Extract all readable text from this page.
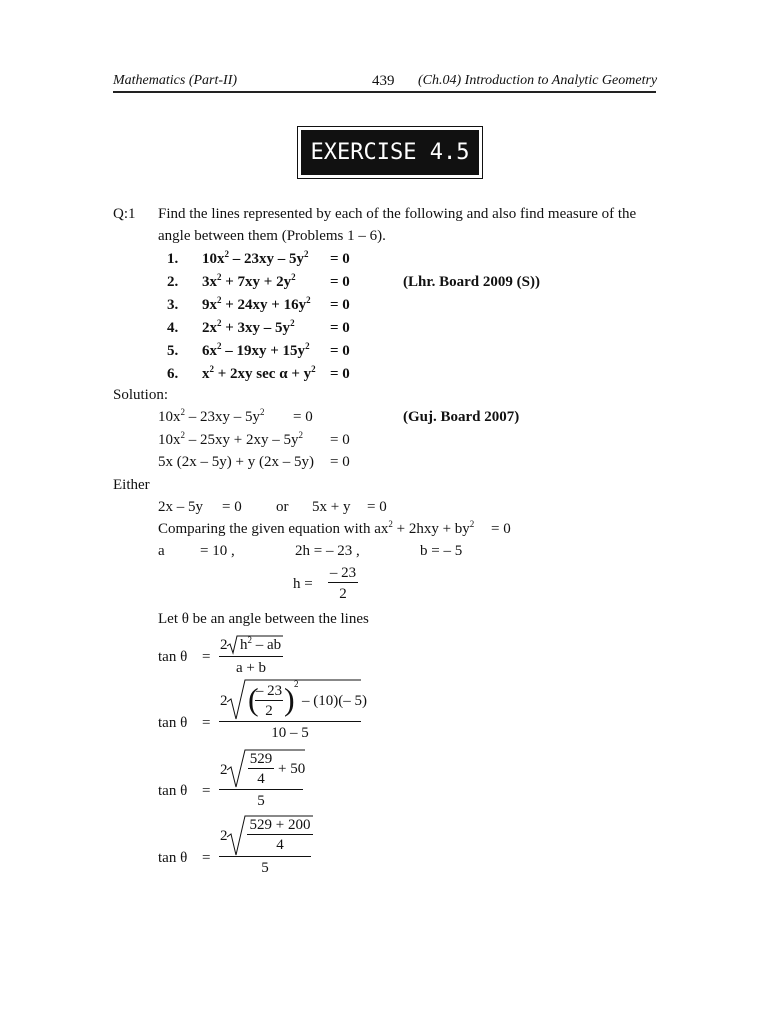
Mathematics (Part-II)	439 (Ch.04) Introduction to Analytic Geometry
EXERCISE 4.5
Q:1 Find the lines represented by each of the following and also find measure of the
angle between them (Problems 1 – 6).
1. $10x^2 - 23xy - 5y^2 = 0$
2. $3x^2 + 7xy + 2y^2 = 0$	(Lhr. Board 2009 (S))
3. $9x^2 + 24xy + 16y^2 = 0$
4. $2x^2 + 3xy - 5y^2 = 0$
5. $6x^2 - 19xy + 15y^2 = 0$
6. $x^2 + 2xy$ $\sec \alpha + y^2 = 0$
Solution:
$10x^2 - 23xy - 5y^2 = 0$	(Guj. Board 2007)
$10x^2 - 25xy + 2xy - 5y^2 = 0$
5x (2x – 5y) + y (2x – 5y) = 0
Either
2x – 5y = 0 or 5x + y = 0
Comparing the given equation with $ax^2 + 2hxy + by^2 = 0$
a = 10 ,	2h = – 23 ,	b = – 5
h =
– 23
2
Let θ be an angle between the lines
tan θ =
2 $h^2$ – ab
a + b
tan θ =
2 (
– 23
2 ) 2
– (10)(– 5)
10 – 5
tan θ =
2
529
4
+ 50
5
tan θ =
2
529 + 200
4
5
